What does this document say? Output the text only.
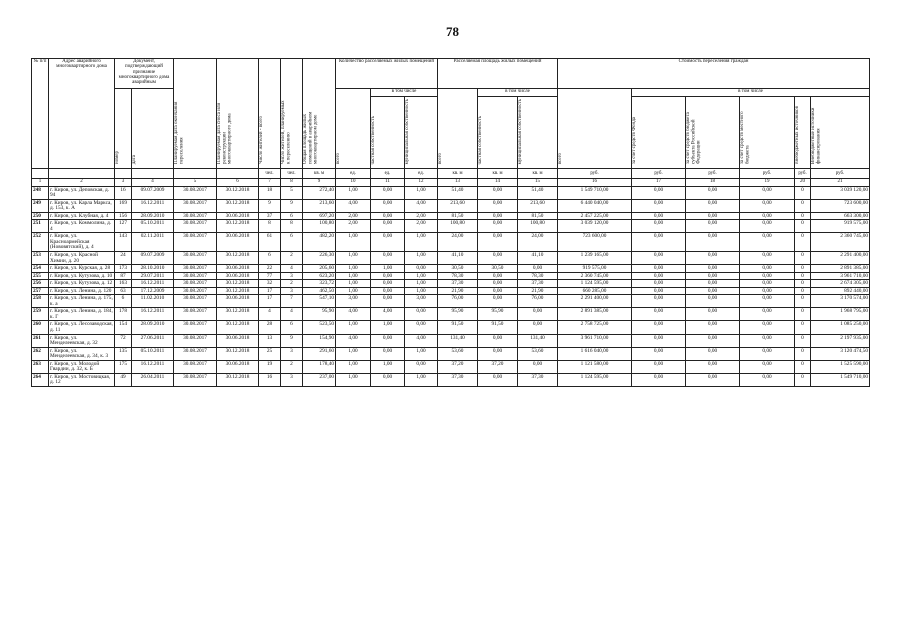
78
№ п/п	Адрес аварийного многоквартирного дома	Документ, подтверждающий признание многоквартирного дома аварийным		Планируемая дата окончания переселения	Планируемая дата сноса или реконструкции многоквартирного дома	Число жителей - всего	Число жителей, планируемых к переселению	Общая площадь жилых помещений в аварийном многоквартирном доме	Количество расселяемых жилых помещений			Расселяемая площадь жилых помещений			Стоимость переселения граждан					
		номер	дата						всего	в том числе		всего	в том числе		всего	в том числе				
										частная собственность	муниципальная собственность		частная собственность	муниципальная собственность		за счет средств Фонда	за счет средств бюджета субъекта Российской Федерации	за счет средств местного бюджета	внебюджетных источников	Внебюджетные источники финансирования
						чел.	чел.	кв. м	ед.	ед.	ед.	кв. м	кв. м	кв. м	руб.	руб.	руб.	руб.	руб.	руб.
1	2	3	4	5	6	7	8	9	10	11	12	13	14	15	16	17	18	19	20	21
248	г. Киров, ул. Деповская, д. 94	16	09.07.2009	30.08.2017	30.12.2018	18	5	272,40	1,00	0,00	1,00	51,40	0,00	51,40	1 549 710,00	0,00	0,00	0,00	0	3 039 120,00
249	г. Киров, ул. Карла Маркса, д. 153, к. А	169	16.12.2011	30.08.2017	30.12.2018	9	9	213,60	4,00	0,00	4,00	213,60	0,00	213,60	6 440 040,00	0,00	0,00	0,00	0	723 600,00
250	г. Киров, ул. Клубная, д. 4	156	28.09.2010	30.08.2017	30.06.2018	37	6	697,20	2,00	0,00	2,00	81,50	0,00	81,50	2 457 225,00	0,00	0,00	0,00	0	663 300,00
251	г. Киров, ул. Коммолина, д. 4	127	05.10.2011	30.08.2017	30.12.2018	8	8	100,80	2,00	0,00	2,00	100,80	0,00	100,80	3 039 120,00	0,00	0,00	0,00	0	919 575,00
252	г. Киров, ул. Красноармейская (Нововятский), д. 4	143	02.11.2011	30.08.2017	30.06.2018	61	6	482,20	1,00	0,00	1,00	24,00	0,00	24,00	723 600,00	0,00	0,00	0,00	0	2 360 745,00
253	г. Киров, ул. Красной Химии, д. 20	24	09.07.2009	30.08.2017	30.12.2018	6	2	226,30	1,00	0,00	1,00	41,10	0,00	41,10	1 239 165,00	0,00	0,00	0,00	0	2 291 400,00
254	г. Киров, ул. Курская, д. 28	173	28.10.2010	30.08.2017	30.06.2018	22	4	205,60	1,00	1,00	0,00	30,50	30,50	0,00	919 575,00	0,00	0,00	0,00	0	2 891 385,00
255	г. Киров, ул. Кутузова, д. 10	87	29.07.2011	30.08.2017	30.06.2018	77	3	623,20	1,00	0,00	1,00	78,30	0,00	78,30	2 360 745,00	0,00	0,00	0,00	0	3 961 710,00
256	г. Киров, ул. Кутузова, д. 12	163	16.12.2011	30.08.2017	30.12.2018	32	2	323,72	1,00	0,00	1,00	37,30	0,00	37,30	1 124 595,00	0,00	0,00	0,00	0	2 674 305,00
257	г. Киров, ул. Ленина, д. 120	63	17.12.2009	30.08.2017	30.12.2018	17	3	462,50	1,00	0,00	1,00	21,90	0,00	21,90	660 285,00	0,00	0,00	0,00	0	892 440,00
258	г. Киров, ул. Ленина, д. 175, к. а	6	11.02.2010	30.08.2017	30.06.2018	17	7	547,10	3,00	0,00	3,00	76,00	0,00	76,00	2 291 400,00	0,00	0,00	0,00	0	3 170 574,00
259	г. Киров, ул. Ленина, д. 184, к. Г	178	16.12.2011	30.08.2017	30.12.2018	4	4	95,90	4,00	4,00	0,00	95,90	95,90	0,00	2 891 385,00	0,00	0,00	0,00	0	1 968 795,00
260	г. Киров, ул. Лесозаводская, д. 11	154	28.09.2010	30.08.2017	30.12.2018	28	6	523,50	1,00	1,00	0,00	91,50	91,50	0,00	2 758 725,00	0,00	0,00	0,00	0	1 085 250,00
261	г. Киров, ул. Менделеевская, д. 32	72	27.06.2011	30.08.2017	30.06.2018	13	9	154,90	4,00	0,00	4,00	131,40	0,00	131,40	3 961 710,00	0,00	0,00	0,00	0	2 197 935,00
262	г. Киров, ул. Менделеевская, д. 34, к. 3	135	05.10.2011	30.08.2017	30.12.2018	25	3	291,60	1,00	0,00	1,00	53,60	0,00	53,60	1 616 040,00	0,00	0,00	0,00	0	3 120 474,50
263	г. Киров, ул. Молодой Гвардии, д. 32, к. Б	175	16.12.2011	30.08.2017	30.06.2018	19	2	178,40	1,00	1,00	0,00	37,20	37,20	0,00	1 121 580,00	0,00	0,00	0,00	0	1 525 590,00
264	г. Киров, ул. Мостовицкая, д. 12	49	26.04.2011	30.08.2017	30.12.2018	16	3	237,00	1,00	0,00	1,00	37,30	0,00	37,30	1 124 595,00	0,00	0,00	0,00	0	1 549 710,00
